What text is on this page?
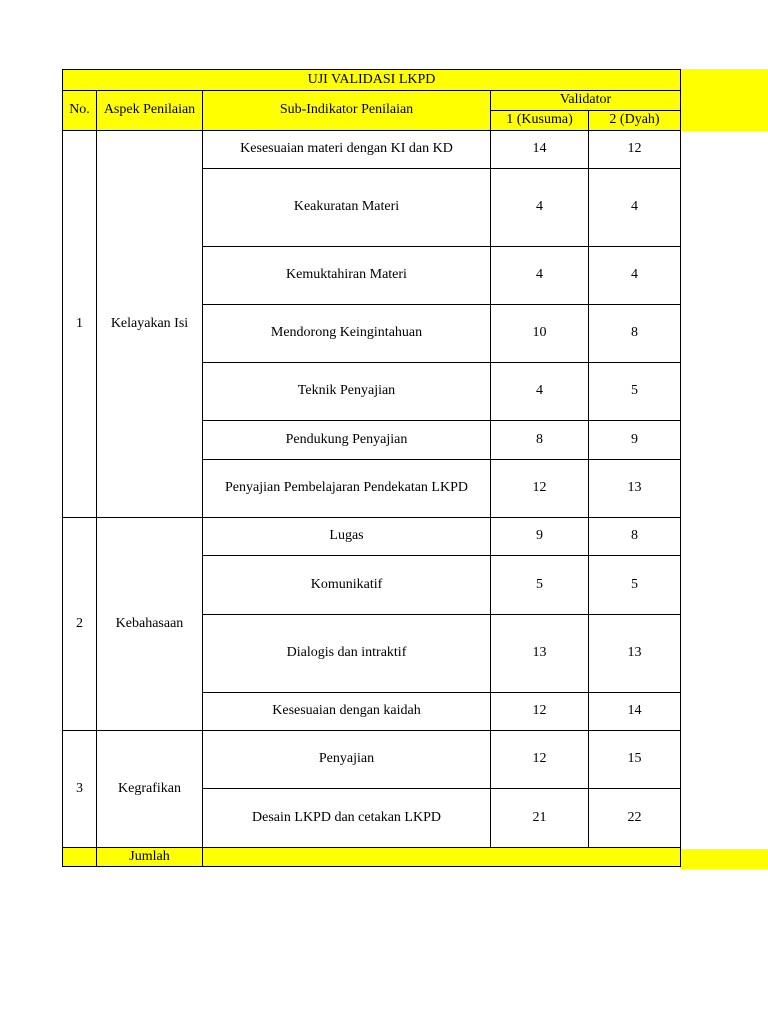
UJI VALIDASI LKPD				
No.	Aspek Penilaian	Sub-Indikator Penilaian	Validator	
			1 (Kusuma)	2 (Dyah)
1	Kelayakan Isi	Kesesuaian materi dengan KI dan KD	14	12
		Keakuratan Materi	4	4
		Kemuktahiran Materi	4	4
		Mendorong Keingintahuan	10	8
		Teknik Penyajian	4	5
		Pendukung Penyajian	8	9
		Penyajian Pembelajaran Pendekatan LKPD	12	13
2	Kebahasaan	Lugas	9	8
		Komunikatif	5	5
		Dialogis dan intraktif	13	13
		Kesesuaian dengan kaidah	12	14
3	Kegrafikan	Penyajian	12	15
		Desain LKPD dan cetakan LKPD	21	22
	Jumlah			
